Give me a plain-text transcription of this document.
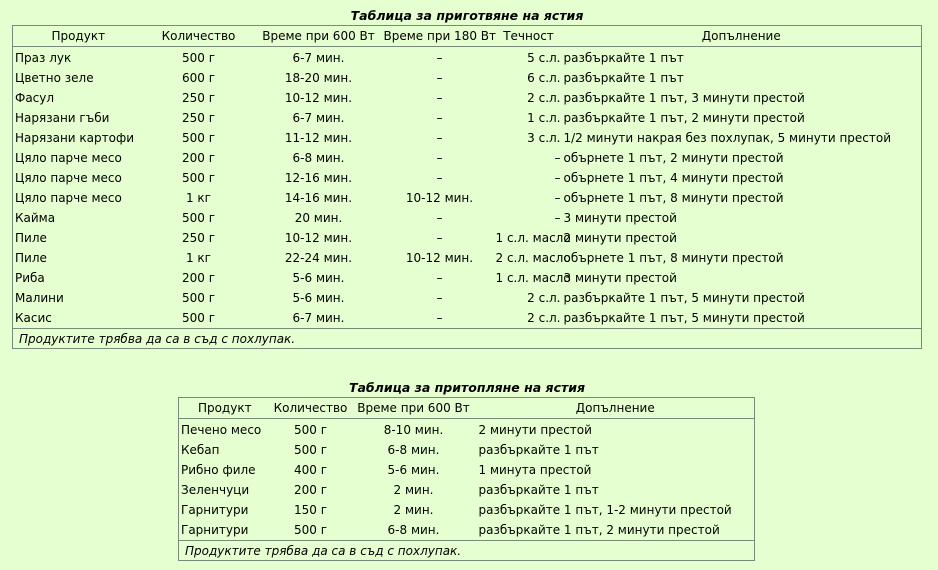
Таблица за приготвяне на ястия
Продукт	Количество	Време при 600 Вт	Време при 180 Вт	Течност	Допълнение
Праз лук	500 г	6-7 мин.	–	5 с.л.	разбъркайте 1 път
Цветно зеле	600 г	18-20 мин.	–	6 с.л.	разбъркайте 1 път
Фасул	250 г	10-12 мин.	–	2 с.л.	разбъркайте 1 път, 3 минути престой
Нарязани гъби	250 г	6-7 мин.	–	1 с.л.	разбъркайте 1 път, 2 минути престой
Нарязани картофи	500 г	11-12 мин.	–	3 с.л.	1/2 минути накрая без похлупак, 5 минути престой
Цяло парче месо	200 г	6-8 мин.	–	–	обърнете 1 път, 2 минути престой
Цяло парче месо	500 г	12-16 мин.	–	–	обърнете 1 път, 4 минути престой
Цяло парче месо	1 кг	14-16 мин.	10-12 мин.	–	обърнете 1 път, 8 минути престой
Кайма	500 г	20 мин.	–	–	3 минути престой
Пиле	250 г	10-12 мин.	–	1 с.л. масло	2 минути престой
Пиле	1 кг	22-24 мин.	10-12 мин.	2 с.л. масло	обърнете 1 път, 8 минути престой
Риба	200 г	5-6 мин.	–	1 с.л. масло	3 минути престой
Малини	500 г	5-6 мин.	–	2 с.л.	разбъркайте 1 път, 5 минути престой
Касис	500 г	6-7 мин.	–	2 с.л.	разбъркайте 1 път, 5 минути престой
Продуктите трябва да са в съд с похлупак.					
Таблица за притопляне на ястия
Продукт	Количество	Време при 600 Вт	Допълнение
Печено месо	500 г	8-10 мин.	2 минути престой
Кебап	500 г	6-8 мин.	разбъркайте 1 път
Рибно филе	400 г	5-6 мин.	1 минута престой
Зеленчуци	200 г	2 мин.	разбъркайте 1 път
Гарнитури	150 г	2 мин.	разбъркайте 1 път, 1-2 минути престой
Гарнитури	500 г	6-8 мин.	разбъркайте 1 път, 2 минути престой
Продуктите трябва да са в съд с похлупак.			
